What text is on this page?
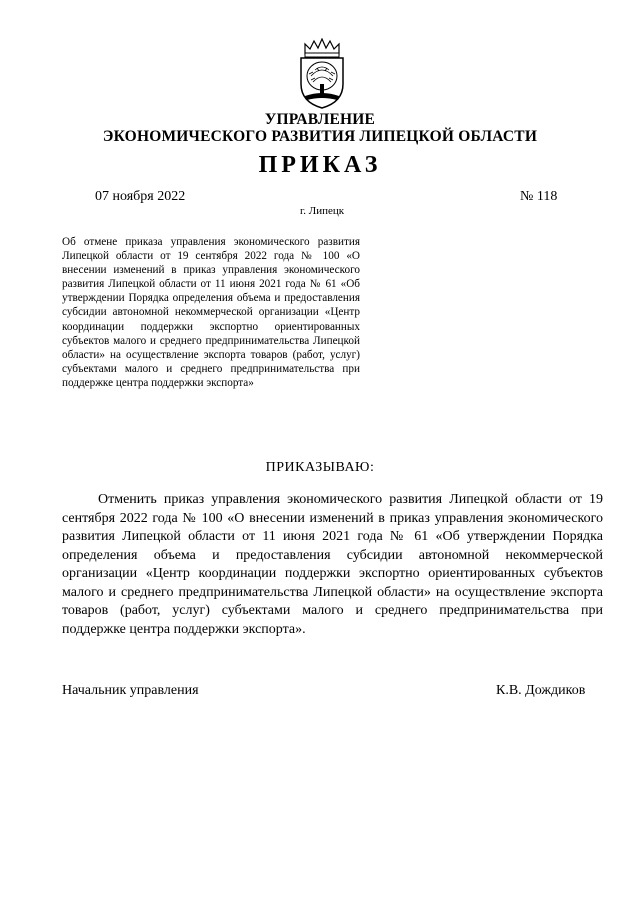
УПРАВЛЕНИЕ
ЭКОНОМИЧЕСКОГО РАЗВИТИЯ ЛИПЕЦКОЙ ОБЛАСТИ
ПРИКАЗ
07 ноября 2022
г. Липецк
№ 118
Об отмене приказа управления экономического развития Липецкой области от 19 сентября 2022 года № 100 «О внесении изменений в приказ управления экономического развития Липецкой области от 11 июня 2021 года № 61 «Об утверждении Порядка определения объема и предоставления субсидии автономной некоммерческой организации «Центр координации поддержки экспортно ориентированных субъектов малого и среднего предпринимательства Липецкой области» на осуществление экспорта товаров (работ, услуг) субъектами малого и среднего предпринимательства при поддержке центра поддержки экспорта»
ПРИКАЗЫВАЮ:
Отменить приказ управления экономического развития Липецкой области от 19 сентября 2022 года № 100 «О внесении изменений в приказ управления экономического развития Липецкой области от 11 июня 2021 года № 61 «Об утверждении Порядка определения объема и предоставления субсидии автономной некоммерческой организации «Центр координации поддержки экспортно ориентированных субъектов малого и среднего предпринимательства Липецкой области» на осуществление экспорта товаров (работ, услуг) субъектами малого и среднего предпринимательства при поддержке центра поддержки экспорта».
Начальник управления	К.В. Дождиков
